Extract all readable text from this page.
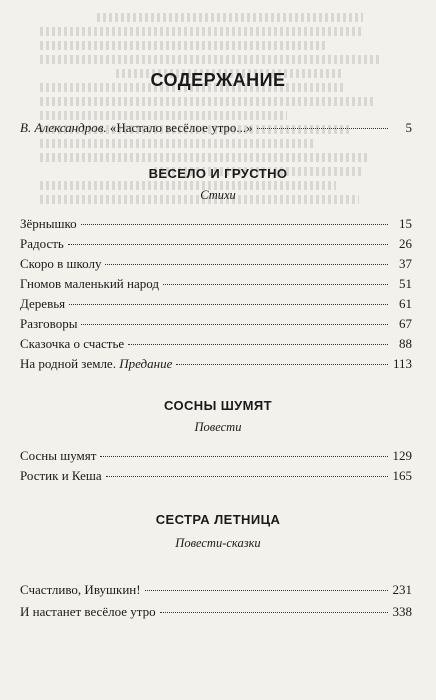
СОДЕРЖАНИЕ
В. Александров. «Настало весёлое утро...»	5
ВЕСЕЛО И ГРУСТНО
Стихи
Зёрнышко	15
Радость	26
Скоро в школу	37
Гномов маленький народ	51
Деревья	61
Разговоры	67
Сказочка о счастье	88
На родной земле. Предание	113
СОСНЫ ШУМЯТ
Повести
Сосны шумят	129
Ростик и Кеша	165
СЕСТРА ЛЕТНИЦА
Повести-сказки
Счастливо, Ивушкин!	231
И настанет весёлое утро	338
